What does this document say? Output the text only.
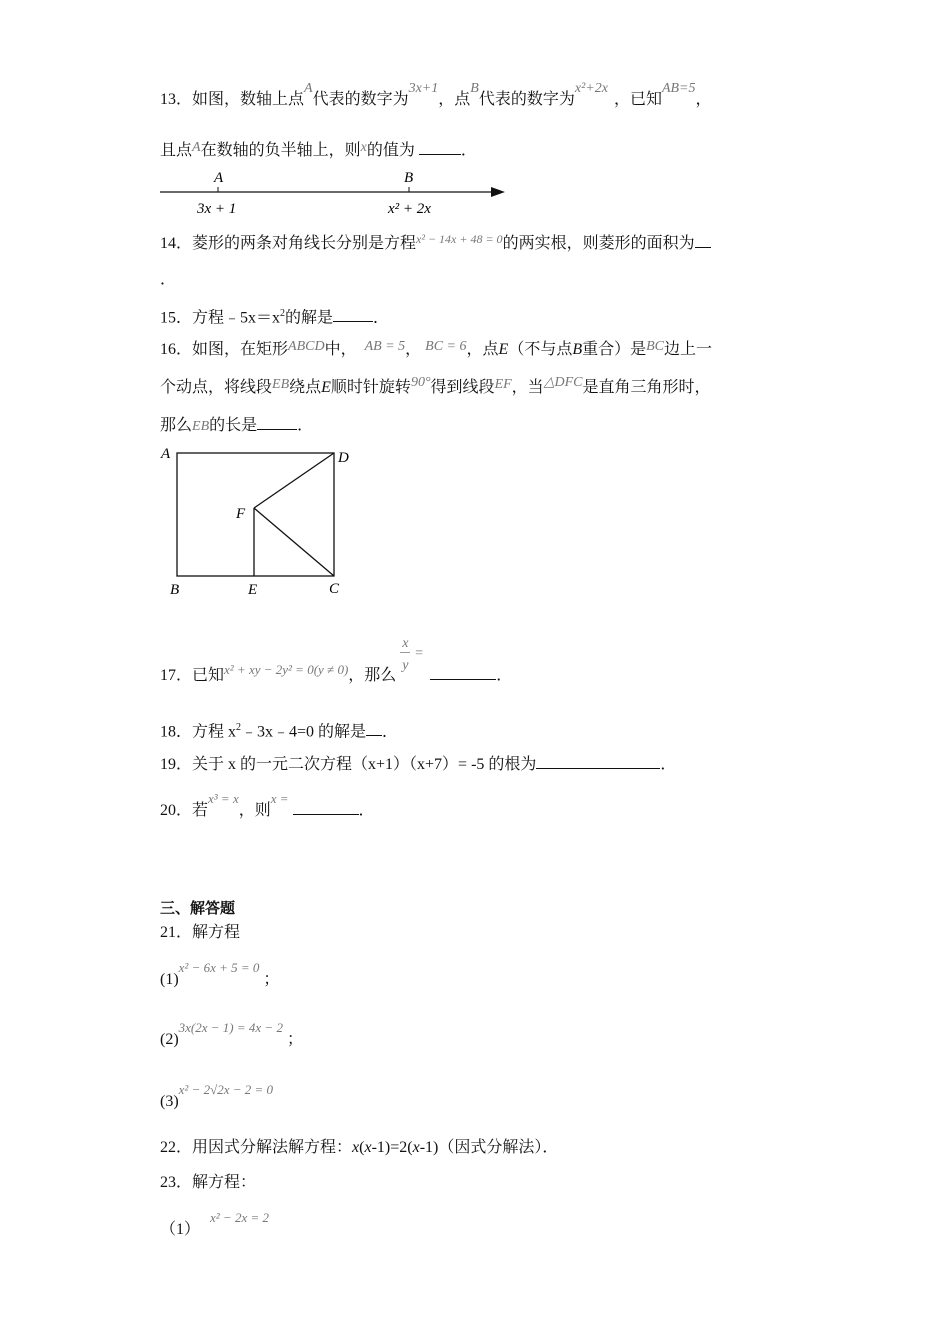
13．如图，数轴上点A代表的数字为3x+1，点B代表的数字为x²+2x，已知AB=5，
且点A在数轴的负半轴上，则x的值为	．
A	B
3x + 1	x² + 2x
14．菱形的两条对角线长分别是方程$^{x^2 - 14x + 48 = 0}$的两实根，则菱形的面积为
．
15．方程$﹣5x=x^2$的解是	．
16．如图，在矩形ABCD中， AB = 5， BC = 6，点E（不与点B重合）是BC边上一
个动点，将线段EB绕点E顺时针旋转90°得到线段EF，当△DFC是直角三角形时，
那么EB的长是	．
A	D
F
B	E	C
17．已知$^{x^2 + xy - 2y^2 = 0(y \ne 0)}$，那么
x
y
=
．
18．方程 $x^2﹣3x﹣4=0$ 的解是 ．
19．关于 x 的一元二次方程（x+1）（x+7）= -5 的根为	．
20．若$^{x^3 = x}$，则$^{x =}$．
三、解答题
21．解方程
$(1)^{x^2 - 6x + 5 = 0}$；
$(2)^{3x(2x - 1) = 4x - 2}$；
$(3)^{x^2 - 2√2x - 2 = 0}$
22．用因式分解法解方程：x(x-1)=2(x-1)（因式分解法）．
23．解方程：
$(1)^{x^2 - 2x = 2}$
